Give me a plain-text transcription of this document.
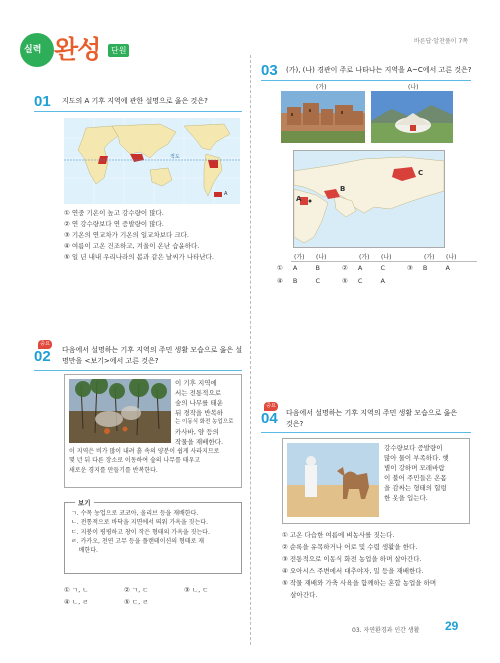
실력 완성	단원
바른답·알찬풀이 7쪽
01 지도의 A 기후 지역에 관한 설명으로 옳은 것은?
적도
A
① 연중 기온이 높고 강수량이 많다.
② 연 강수량보다 연 증발량이 많다.
③ 기온의 연교차가 기온의 일교차보다 크다.
④ 여름이 고온 건조하고, 겨울이 온난 습윤하다.
⑤ 일 년 내내 우리나라의 봄과 같은 날씨가 나타난다.
중요
02 다음에서 설명하는 기후 지역의 주민 생활 모습으로 옳은 설
명만을 <보기>에서 고른 것은?
이 기후 지역에
서는 전통적으로
숲의 나무를 태운
뒤 경작을 반복하
는 이동식 화전 농업으로
카사바, 얌 등의
작물을 재배한다.
이 지역은 비가 많이 내려 흙 속의 양분이 쉽게 사라지므로
몇 년 뒤 다른 장소로 이동하여 숲의 나무를 태우고
새로운 경지를 만들기를 반복한다.
보기
ㄱ. 수목 농업으로 코코아, 올리브 등을 재배한다.
ㄴ. 전통적으로 바닥을 지면에서 띄워 가옥을 짓는다.
ㄷ. 지붕이 평평하고 창이 작은 형태의 가옥을 짓는다.
ㄹ. 카카오, 천연 고무 등을 플랜테이션의 형태로 재
배한다.
① ㄱ, ㄴ	② ㄱ, ㄷ	③ ㄴ, ㄷ
④ ㄴ, ㄹ	⑤ ㄷ, ㄹ
03 (가), (나) 경관이 주로 나타나는 지역을 A~C에서 고른 것은?
(가)	(나)
A
B
C
(가) (나)	(가) (나)	(가) (나)
① A	B	② A	C	③ B	A
④ B	C	⑤ C	A
중요
04 다음에서 설명하는 기후 지역의 주민 생활 모습으로 옳은
것은?
강수량보다 증발량이
많아 물이 부족하다. 햇
볕이 강하며 모래바람
이 불어 주민들은 온몸
을 감싸는 형태의 헐렁
한 옷을 입는다.
① 고온 다습한 여름에 벼농사를 짓는다.
② 순록을 유목하거나 어로 및 수렵 생활을 한다.
③ 전통적으로 이동식 화전 농업을 하며 살아간다.
④ 오아시스 주변에서 대추야자, 밀 등을 재배한다.
⑤ 작물 재배와 가축 사육을 함께하는 혼합 농업을 하며
살아간다.
03. 자연환경과 인간 생활 29
